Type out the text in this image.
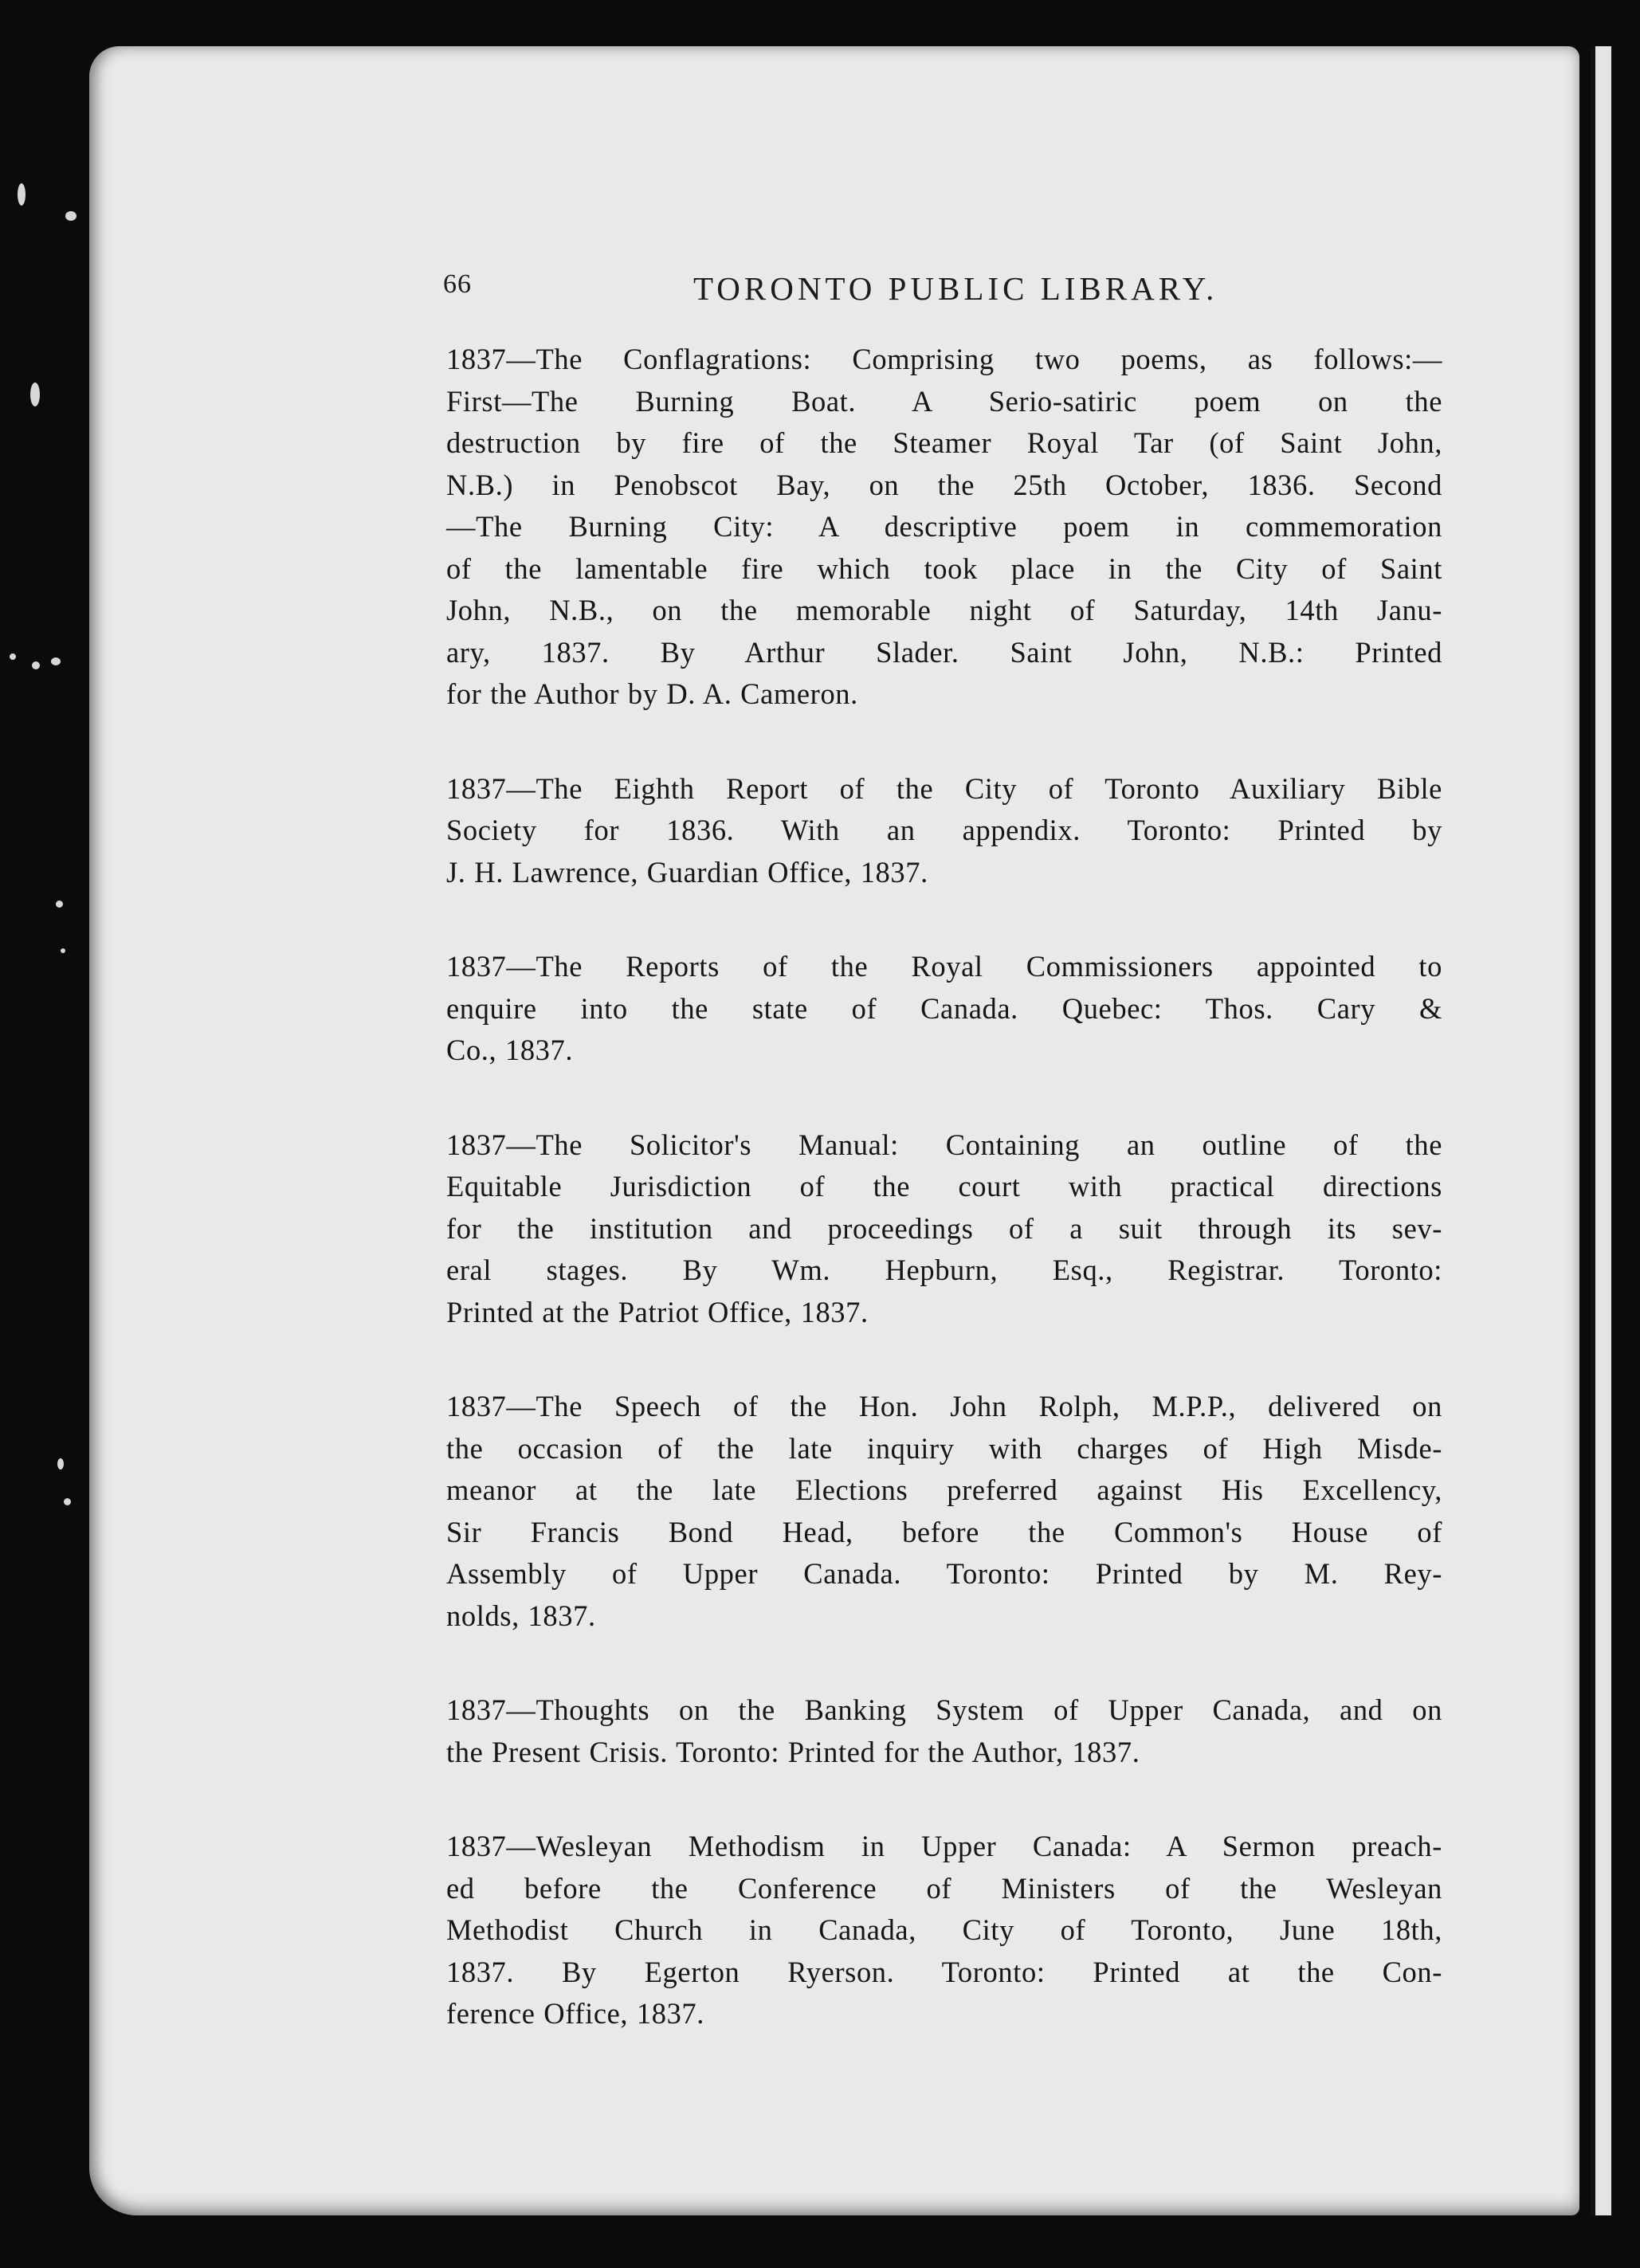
66	TORONTO PUBLIC LIBRARY.

1837—The Conflagrations: Comprising two poems, as follows:—
First—The Burning Boat. A Serio-satiric poem on the
destruction by fire of the Steamer Royal Tar (of Saint John,
N.B.) in Penobscot Bay, on the 25th October, 1836. Second
—The Burning City: A descriptive poem in commemoration
of the lamentable fire which took place in the City of Saint
John, N.B., on the memorable night of Saturday, 14th Janu-
ary, 1837. By Arthur Slader. Saint John, N.B.: Printed
for the Author by D. A. Cameron.

1837—The Eighth Report of the City of Toronto Auxiliary Bible
Society for 1836. With an appendix. Toronto: Printed by
J. H. Lawrence, Guardian Office, 1837.

1837—The Reports of the Royal Commissioners appointed to
enquire into the state of Canada. Quebec: Thos. Cary &
Co., 1837.

1837—The Solicitor's Manual: Containing an outline of the
Equitable Jurisdiction of the court with practical directions
for the institution and proceedings of a suit through its sev-
eral stages. By Wm. Hepburn, Esq., Registrar. Toronto:
Printed at the Patriot Office, 1837.

1837—The Speech of the Hon. John Rolph, M.P.P., delivered on
the occasion of the late inquiry with charges of High Misde-
meanor at the late Elections preferred against His Excellency,
Sir Francis Bond Head, before the Common's House of
Assembly of Upper Canada. Toronto: Printed by M. Rey-
nolds, 1837.

1837—Thoughts on the Banking System of Upper Canada, and on
the Present Crisis. Toronto: Printed for the Author, 1837.

1837—Wesleyan Methodism in Upper Canada: A Sermon preach-
ed before the Conference of Ministers of the Wesleyan
Methodist Church in Canada, City of Toronto, June 18th,
1837. By Egerton Ryerson. Toronto: Printed at the Con-
ference Office, 1837.
